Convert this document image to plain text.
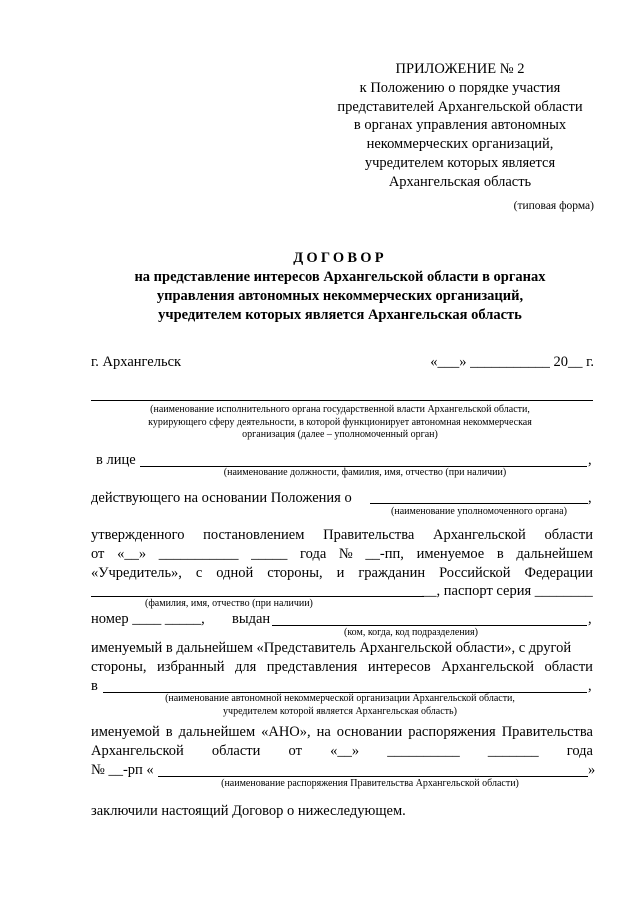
ПРИЛОЖЕНИЕ № 2
к Положению о порядке участия
представителей Архангельской области
в органах управления автономных
некоммерческих организаций,
учредителем которых является
Архангельская область
(типовая форма)
ДОГОВОР
на представление интересов Архангельской области в органах
управления автономных некоммерческих организаций,
учредителем которых является Архангельская область
г. Архангельск	«___» ___________ 20__ г.
(наименование исполнительного органа государственной власти Архангельской области,
курирующего сферу деятельности, в которой функционирует автономная некоммерческая
организация (далее – уполномоченный орган)
в лице	,
(наименование должности, фамилия, имя, отчество (при наличии)
действующего на основании Положения о	,
(наименование уполномоченного органа)
утвержденного постановлением Правительства Архангельской области
от «__» ___________ _____ года № __-пп, именуемое в дальнейшем
«Учредитель», с одной стороны, и гражданин Российской Федерации
__, паспорт серия ________
(фамилия, имя, отчество (при наличии)
номер ____ _____, выдан	,
(ком, когда, код подразделения)
именуемый в дальнейшем «Представитель Архангельской области», с другой
стороны, избранный для представления интересов Архангельской области
в	,
(наименование автономной некоммерческой организации Архангельской области,
учредителем которой является Архангельская область)
именуемой в дальнейшем «АНО», на основании распоряжения Правительства
Архангельской области от «__» __________ _______ года
№ __-рп «	»
(наименование распоряжения Правительства Архангельской области)
заключили настоящий Договор о нижеследующем.
